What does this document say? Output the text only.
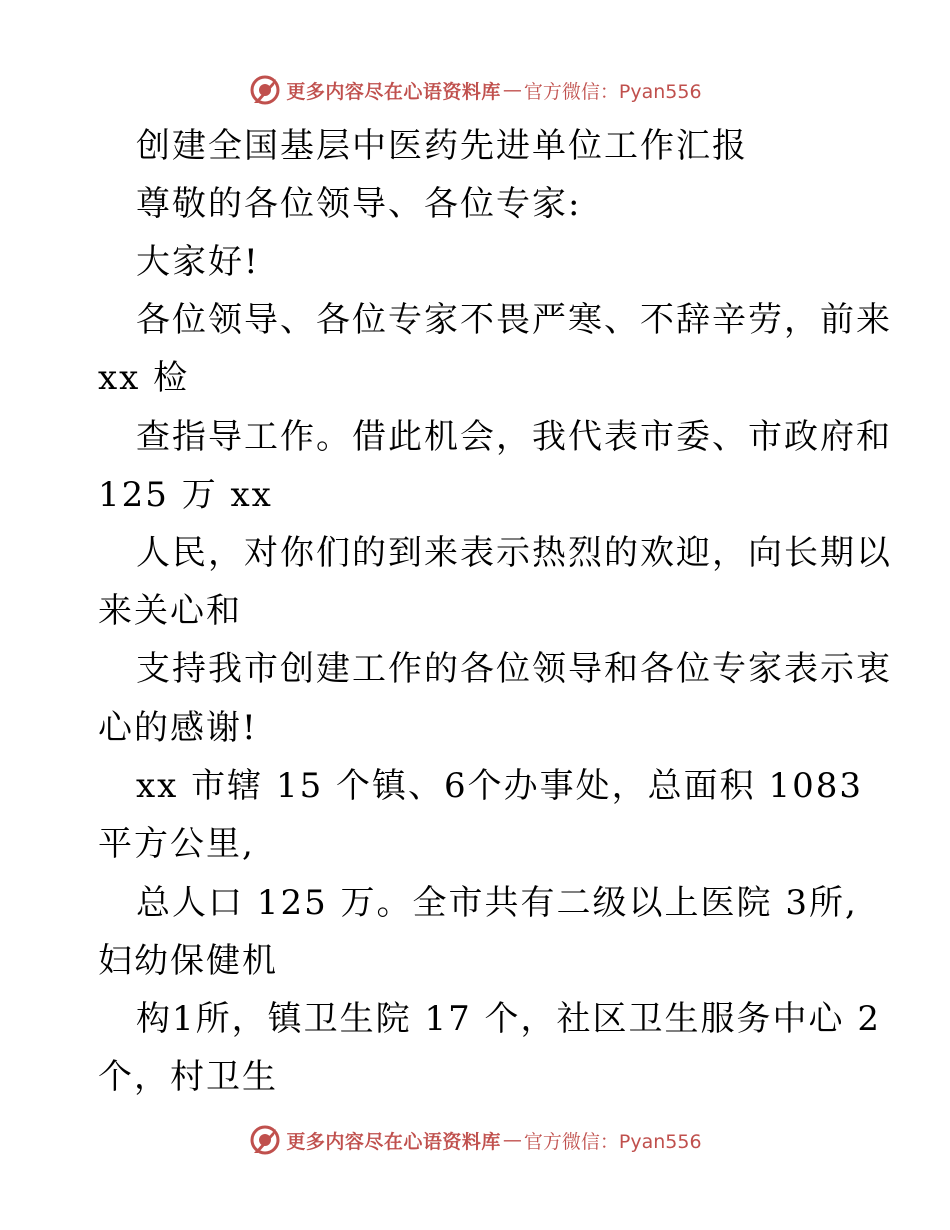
更多内容尽在心语资料库 — 官方微信：Pyan556
创建全国基层中医药先进单位工作汇报
尊敬的各位领导、各位专家:
大家好!
各位领导、各位专家不畏严寒、不辞辛劳，前来
xx 检
查指导工作。借此机会，我代表市委、市政府和
125 万 xx
人民，对你们的到来表示热烈的欢迎，向长期以
来关心和
支持我市创建工作的各位领导和各位专家表示衷
心的感谢!
xx 市辖 15 个镇、6个办事处，总面积 1083
平方公里,
总人口 125 万。全市共有二级以上医院 3所,
妇幼保健机
构1所，镇卫生院 17 个，社区卫生服务中心 2
个，村卫生
更多内容尽在心语资料库 — 官方微信：Pyan556
